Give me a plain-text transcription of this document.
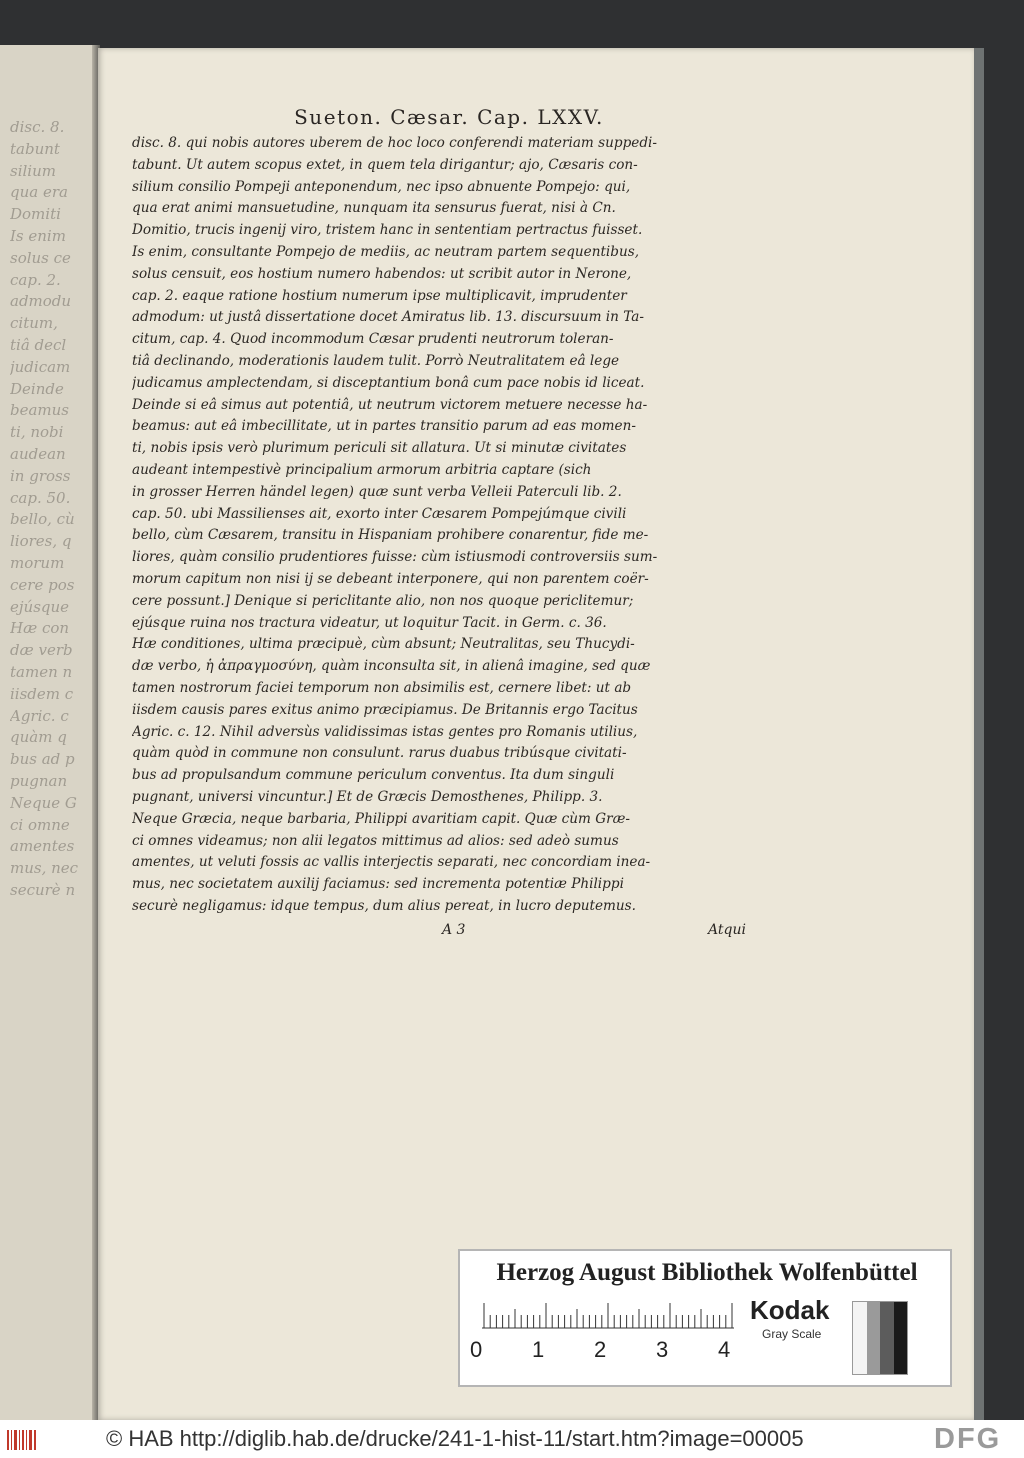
disc. 8.
tabunt
silium
qua era
Domiti
Is enim
solus ce
cap. 2.
admodu
citum,
tiâ decl
judicam
Deinde
beamus
ti, nobi
audean
in gross
cap. 50.
bello, cù
liores, q
morum
cere pos
ejúsque
Hæ con
dæ verb
tamen n
iisdem c
Agric. c
quàm q
bus ad p
pugnan
Neque G
ci omne
amentes
mus, nec
securè n
Sueton. Cæsar. Cap. LXXV.
disc. 8. qui nobis autores uberem de hoc loco conferendi materiam suppedi-
tabunt. Ut autem scopus extet, in quem tela dirigantur; ajo, Cæsaris con-
silium consilio Pompeji anteponendum, nec ipso abnuente Pompejo: qui,
qua erat animi mansuetudine, nunquam ita sensurus fuerat, nisi à Cn.
Domitio, trucis ingenij viro, tristem hanc in sententiam pertractus fuisset.
Is enim, consultante Pompejo de mediis, ac neutram partem sequentibus,
solus censuit, eos hostium numero habendos: ut scribit autor in Nerone,
cap. 2. eaque ratione hostium numerum ipse multiplicavit, imprudenter
admodum: ut justâ dissertatione docet Amiratus lib. 13. discursuum in Ta-
citum, cap. 4. Quod incommodum Cæsar prudenti neutrorum toleran-
tiâ declinando, moderationis laudem tulit. Porrò Neutralitatem eâ lege
judicamus amplectendam, si disceptantium bonâ cum pace nobis id liceat.
Deinde si eâ simus aut potentiâ, ut neutrum victorem metuere necesse ha-
beamus: aut eâ imbecillitate, ut in partes transitio parum ad eas momen-
ti, nobis ipsis verò plurimum periculi sit allatura. Ut si minutæ civitates
audeant intempestivè principalium armorum arbitria captare (sich
in grosser Herren händel legen) quæ sunt verba Velleii Paterculi lib. 2.
cap. 50. ubi Massilienses ait, exorto inter Cæsarem Pompejúmque civili
bello, cùm Cæsarem, transitu in Hispaniam prohibere conarentur, fide me-
liores, quàm consilio prudentiores fuisse: cùm istiusmodi controversiis sum-
morum capitum non nisi ij se debeant interponere, qui non parentem coër-
cere possunt.] Denique si periclitante alio, non nos quoque periclitemur;
ejúsque ruina nos tractura videatur, ut loquitur Tacit. in Germ. c. 36.
Hæ conditiones, ultima præcipuè, cùm absunt; Neutralitas, seu Thucydi-
dæ verbo, ἡ ἀπραγμοσύνη, quàm inconsulta sit, in alienâ imagine, sed quæ
tamen nostrorum faciei temporum non absimilis est, cernere libet: ut ab
iisdem causis pares exitus animo præcipiamus. De Britannis ergo Tacitus
Agric. c. 12. Nihil adversùs validissimas istas gentes pro Romanis utilius,
quàm quòd in commune non consulunt. rarus duabus tribúsque civitati-
bus ad propulsandum commune periculum conventus. Ita dum singuli
pugnant, universi vincuntur.] Et de Græcis Demosthenes, Philipp. 3.
Neque Græcia, neque barbaria, Philippi avaritiam capit. Quæ cùm Græ-
ci omnes videamus; non alii legatos mittimus ad alios: sed adeò sumus
amentes, ut veluti fossis ac vallis interjectis separati, nec concordiam inea-
mus, nec societatem auxilij faciamus: sed incrementa potentiæ Philippi
securè negligamus: idque tempus, dum alius pereat, in lucro deputemus.
A 3	Atqui
Herzog August Bibliothek Wolfenbüttel
0 1 2 3 4
Kodak
Gray Scale
© HAB http://diglib.hab.de/drucke/241-1-hist-11/start.htm?image=00005	DFG
